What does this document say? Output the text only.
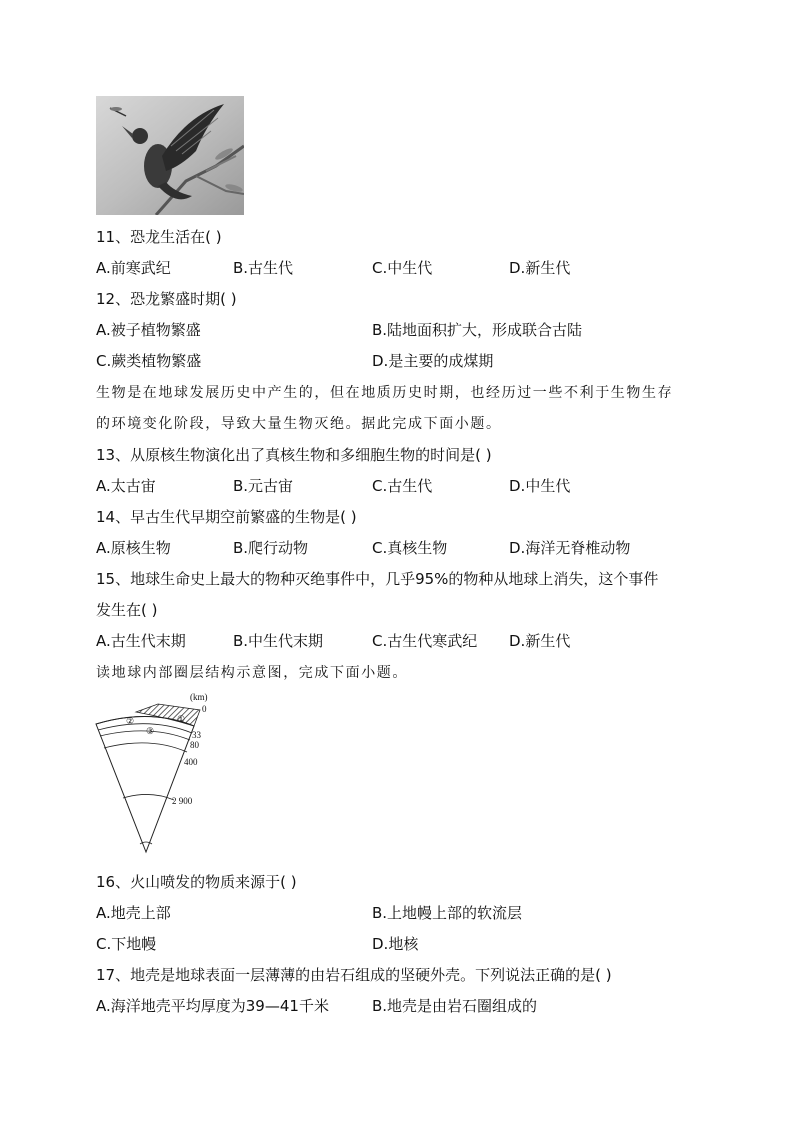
11、恐龙生活在( )
A.前寒武纪	B.古生代	C.中生代	D.新生代
12、恐龙繁盛时期( )
A.被子植物繁盛	B.陆地面积扩大，形成联合古陆
C.蕨类植物繁盛	D.是主要的成煤期
生物是在地球发展历史中产生的，但在地质历史时期，也经历过一些不利于生物生存
的环境变化阶段，导致大量生物灭绝。据此完成下面小题。
13、从原核生物演化出了真核生物和多细胞生物的时间是( )
A.太古宙	B.元古宙	C.古生代	D.中生代
14、早古生代早期空前繁盛的生物是( )
A.原核生物	B.爬行动物	C.真核生物	D.海洋无脊椎动物
15、地球生命史上最大的物种灭绝事件中，几乎95%的物种从地球上消失，这个事件
发生在( )
A.古生代末期	B.中生代末期	C.古生代寒武纪 D.新生代
读地球内部圈层结构示意图，完成下面小题。
①
②
③
(km)
0
33
80
400
2 900
16、火山喷发的物质来源于( )
A.地壳上部	B.上地幔上部的软流层
C.下地幔	D.地核
17、地壳是地球表面一层薄薄的由岩石组成的坚硬外壳。下列说法正确的是( )
A.海洋地壳平均厚度为39—41千米	B.地壳是由岩石圈组成的
